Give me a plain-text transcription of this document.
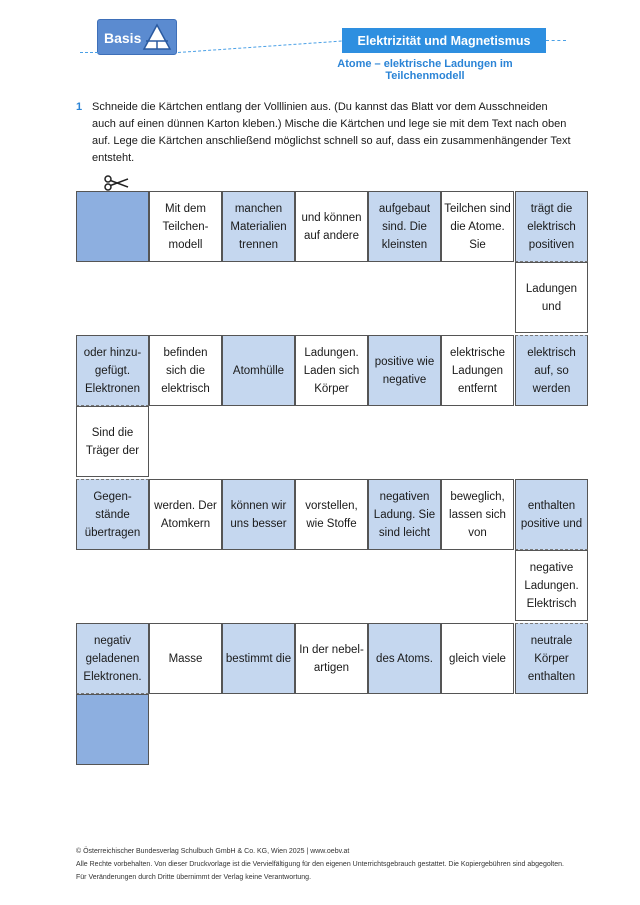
Basis	Elektrizität und Magnetismus
Atome – elektrische Ladungen im Teilchenmodell
1 Schneide die Kärtchen entlang der Volllinien aus. (Du kannst das Blatt vor dem Ausschneiden auch auf einen dünnen Karton kleben.) Mische die Kärtchen und lege sie mit dem Text nach oben auf. Lege die Kärtchen anschließend möglichst schnell so auf, dass ein zusammenhängender Text entsteht.
Mit dem Teilchen-modell
manchen Materialien trennen
und können auf andere
aufgebaut sind. Die kleinsten
Teilchen sind die Atome. Sie
trägt die elektrisch positiven
Ladungen und
elektrisch auf, so werden
elektrische Ladungen entfernt
positive wie negative
Ladungen. Laden sich Körper
Atomhülle
befinden sich die elektrisch
oder hinzu-gefügt. Elektronen
Sind die Träger der
Gegen-stände übertragen
werden. Der Atomkern
können wir uns besser
vorstellen, wie Stoffe
negativen Ladung. Sie sind leicht
beweglich, lassen sich von
enthalten positive und
negative Ladungen. Elektrisch
neutrale Körper enthalten
gleich viele
des Atoms.
In der nebel-artigen
bestimmt die
Masse
negativ geladenen Elektronen.
© Österreichischer Bundesverlag Schulbuch GmbH & Co. KG, Wien 2025 | www.oebv.at
Alle Rechte vorbehalten. Von dieser Druckvorlage ist die Vervielfältigung für den eigenen Unterrichtsgebrauch gestattet. Die Kopiergebühren sind abgegolten.
Für Veränderungen durch Dritte übernimmt der Verlag keine Verantwortung.
